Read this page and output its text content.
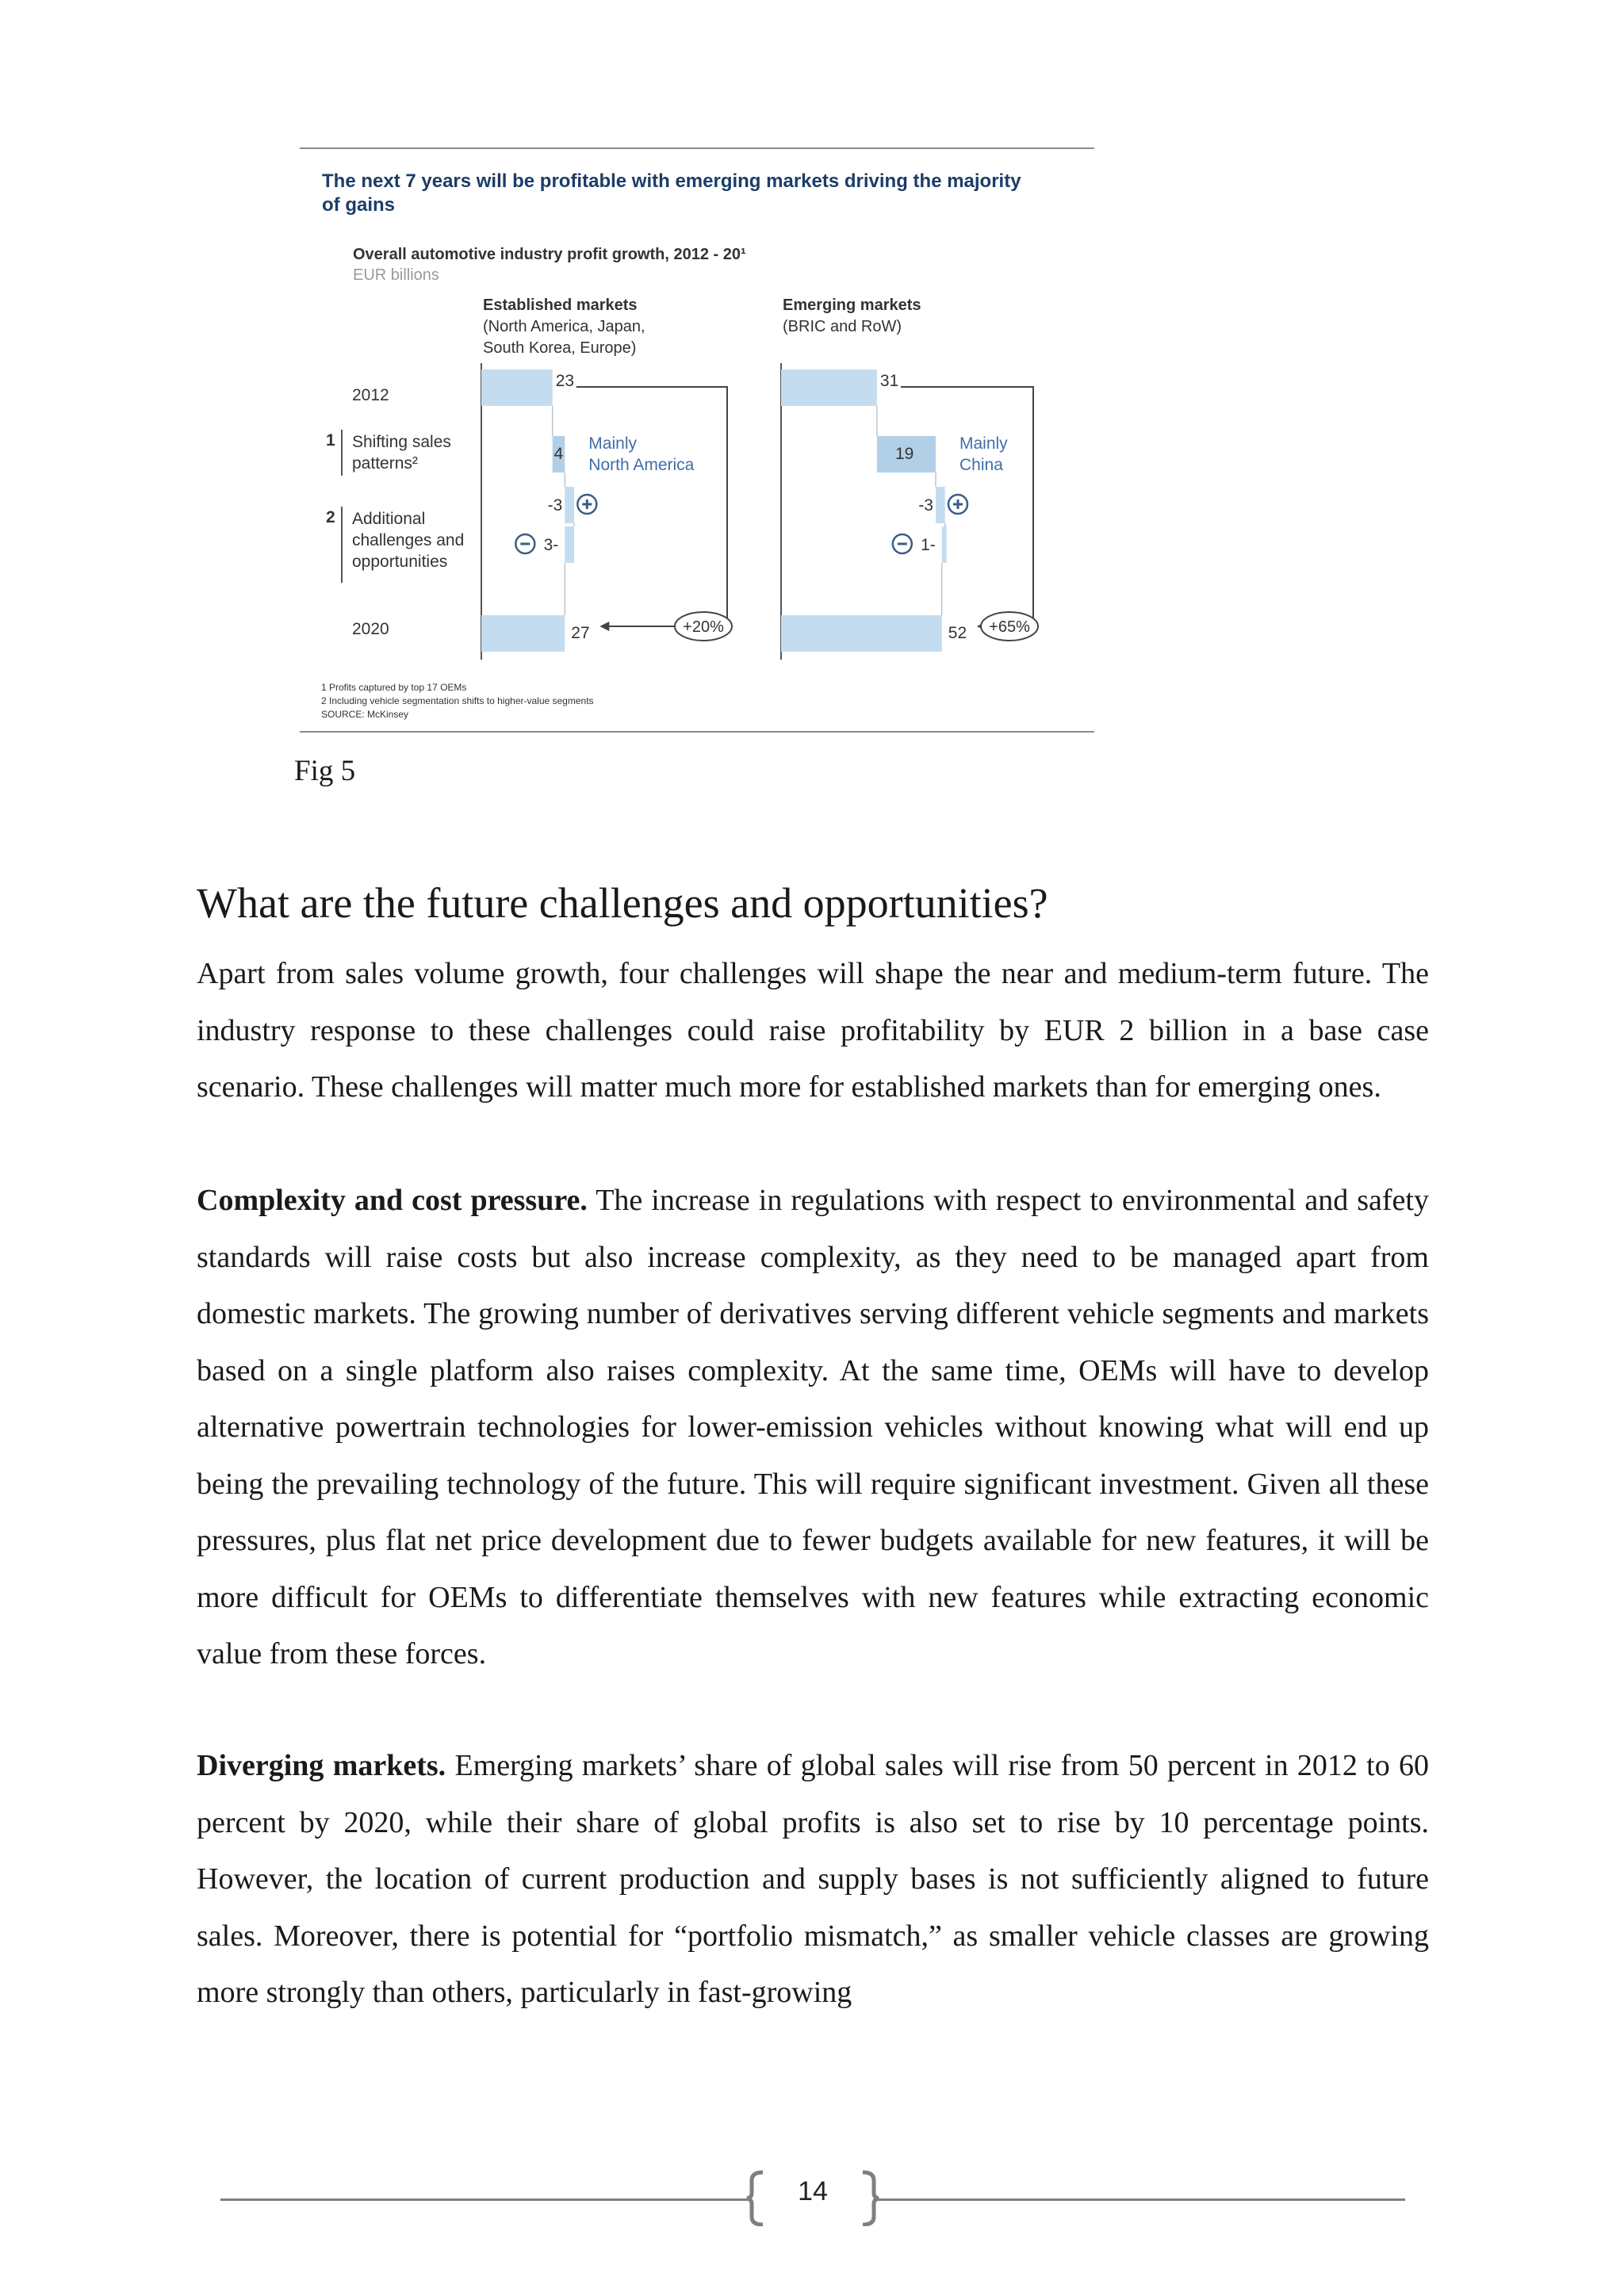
The next 7 years will be profitable with emerging markets driving the majority of gains
Overall automotive industry profit growth, 2012 - 20¹
EUR billions
Established markets
(North America, Japan, South Korea, Europe)
Emerging markets
(BRIC and RoW)
2012
1 Shifting sales patterns²
2 Additional challenges and opportunities
2020
23
4
-3
3-
27
Mainly
North America
+20%
31
19
-3
1-
52
Mainly
China
+65%
1 Profits captured by top 17 OEMs
2 Including vehicle segmentation shifts to higher-value segments
SOURCE: McKinsey
Fig 5
What are the future challenges and opportunities?

Apart from sales volume growth, four challenges will shape the near and medium-term future. The industry response to these challenges could raise profitability by EUR 2 billion in a base case scenario. These challenges will matter much more for established markets than for emerging ones.

Complexity and cost pressure. The increase in regulations with respect to environmental and safety standards will raise costs but also increase complexity, as they need to be managed apart from domestic markets. The growing number of derivatives serving different vehicle segments and markets based on a single platform also raises complexity. At the same time, OEMs will have to develop alternative powertrain technologies for lower-emission vehicles without knowing what will end up being the prevailing technology of the future. This will require significant investment. Given all these pressures, plus flat net price development due to fewer budgets available for new features, it will be more difficult for OEMs to differentiate themselves with new features while extracting economic value from these forces.

Diverging markets. Emerging markets’ share of global sales will rise from 50 percent in 2012 to 60 percent by 2020, while their share of global profits is also set to rise by 10 percentage points. However, the location of current production and supply bases is not sufficiently aligned to future sales. Moreover, there is potential for “portfolio mismatch,” as smaller vehicle classes are growing more strongly than others, particularly in fast-growing

14
